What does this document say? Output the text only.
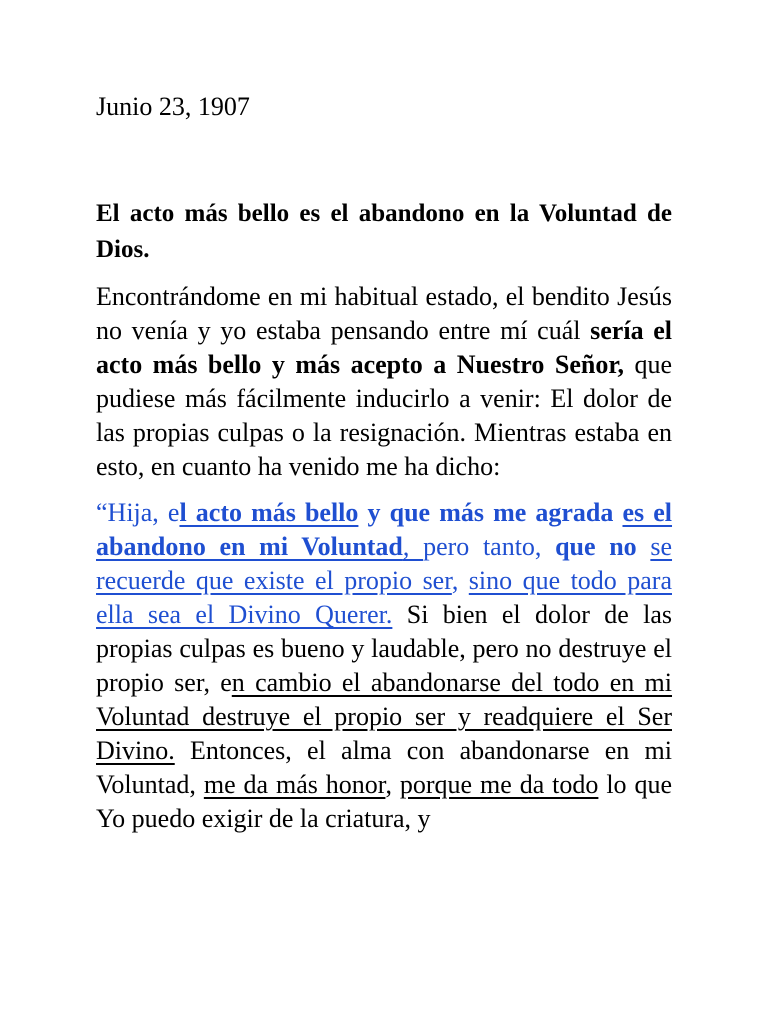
Junio 23, 1907

El acto más bello es el abandono en la Voluntad de Dios.

Encontrándome en mi habitual estado, el bendito Jesús no venía y yo estaba pensando entre mí cuál sería el acto más bello y más acepto a Nuestro Señor, que pudiese más fácilmente inducirlo a venir: El dolor de las propias culpas o la resignación. Mientras estaba en esto, en cuanto ha venido me ha dicho:

“Hija, el acto más bello y que más me agrada es el abandono en mi Voluntad, pero tanto, que no se recuerde que existe el propio ser, sino que todo para ella sea el Divino Querer. Si bien el dolor de las propias culpas es bueno y laudable, pero no destruye el propio ser, en cambio el abandonarse del todo en mi Voluntad destruye el propio ser y readquiere el Ser Divino. Entonces, el alma con abandonarse en mi Voluntad, me da más honor, porque me da todo lo que Yo puedo exigir de la criatura, y
